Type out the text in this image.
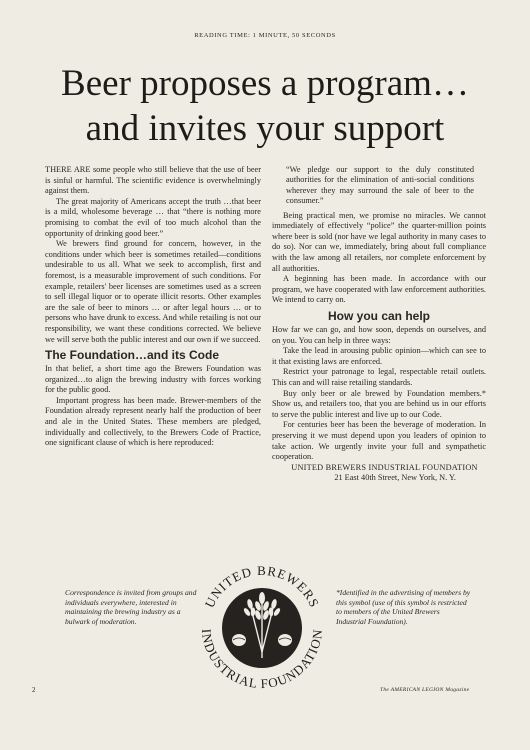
READING TIME: 1 MINUTE, 50 SECONDS
Beer proposes a program…
and invites your support

THERE ARE some people who still believe that the use of beer is sinful or harmful. The scientific evidence is overwhelmingly against them.

The great majority of Americans accept the truth …that beer is a mild, wholesome beverage … that “there is nothing more promising to combat the evil of too much alcohol than the opportunity of drinking good beer.”

We brewers find ground for concern, however, in the conditions under which beer is sometimes retailed—conditions undesirable to us all. What we seek to accomplish, first and foremost, is a measurable improvement of such conditions. For example, retailers' beer licenses are sometimes used as a screen to sell illegal liquor or to operate illicit resorts. Other examples are the sale of beer to minors … or after legal hours … or to persons who have drunk to excess. And while retailing is not our responsibility, we want these conditions corrected. We believe we will serve both the public interest and our own if we succeed.

The Foundation…and its Code

In that belief, a short time ago the Brewers Foundation was organized…to align the brewing industry with forces working for the public good.

Important progress has been made. Brewer-members of the Foundation already represent nearly half the production of beer and ale in the United States. These members are pledged, individually and collectively, to the Brewers Code of Practice, one significant clause of which is here reproduced:

“We pledge our support to the duly constituted authorities for the elimination of anti-social conditions wherever they may surround the sale of beer to the consumer.”

Being practical men, we promise no miracles. We cannot immediately of effectively “police” the quarter-million points where beer is sold (nor have we legal authority in many cases to do so). Nor can we, immediately, bring about full compliance with the law among all retailers, nor complete enforcement by all authorities.

A beginning has been made. In accordance with our program, we have cooperated with law enforcement authorities. We intend to carry on.

How you can help

How far we can go, and how soon, depends on ourselves, and on you. You can help in three ways:

Take the lead in arousing public opinion—which can see to it that existing laws are enforced.

Restrict your patronage to legal, respectable retail outlets. This can and will raise retailing standards.

Buy only beer or ale brewed by Foundation members.* Show us, and retailers too, that you are behind us in our efforts to serve the public interest and live up to our Code.

For centuries beer has been the beverage of moderation. In preserving it we must depend upon you leaders of opinion to take action. We urgently invite your full and sympathetic cooperation.

UNITED BREWERS INDUSTRIAL FOUNDATION

21 East 40th Street, New York, N. Y.

Correspondence is invited from groups and individuals everywhere, interested in maintaining the brewing industry as a bulwark of moderation.
UNITED BREWERS
INDUSTRIAL FOUNDATION
*Identified in the advertising of members by this symbol (use of this symbol is restricted to members of the United Brewers Industrial Foundation).
2	The AMERICAN LEGION Magazine
